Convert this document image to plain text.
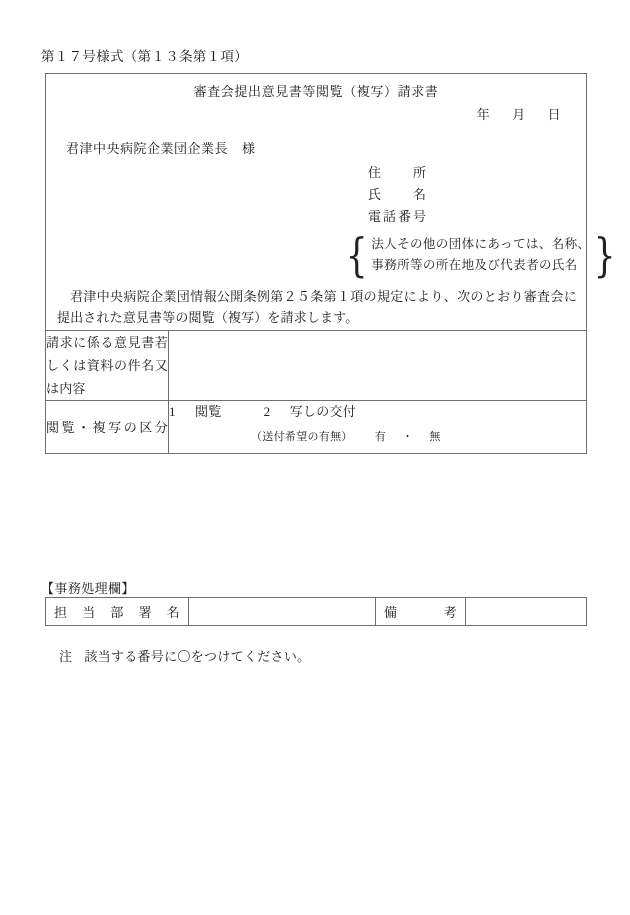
第１７号様式（第１３条第１項）
審査会提出意見書等閲覧（複写）請求書
年 月 日
君津中央病院企業団企業長 様
住　　所
氏　　名
電話番号
{ 法人その他の団体にあっては、名称、
事務所等の所在地及び代表者の氏名 }
君津中央病院企業団情報公開条例第２５条第１項の規定により、次のとおり審査会に提出された意見書等の閲覧（複写）を請求します。
請求に係る意見書若
しくは資料の件名又
は内容	

閲覧・複写の区分	1 閲覧 2 写しの交付
（送付希望の有無） 有 ・ 無
【事務処理欄】
担当部署名		備考

注 該当する番号に〇をつけてください。
